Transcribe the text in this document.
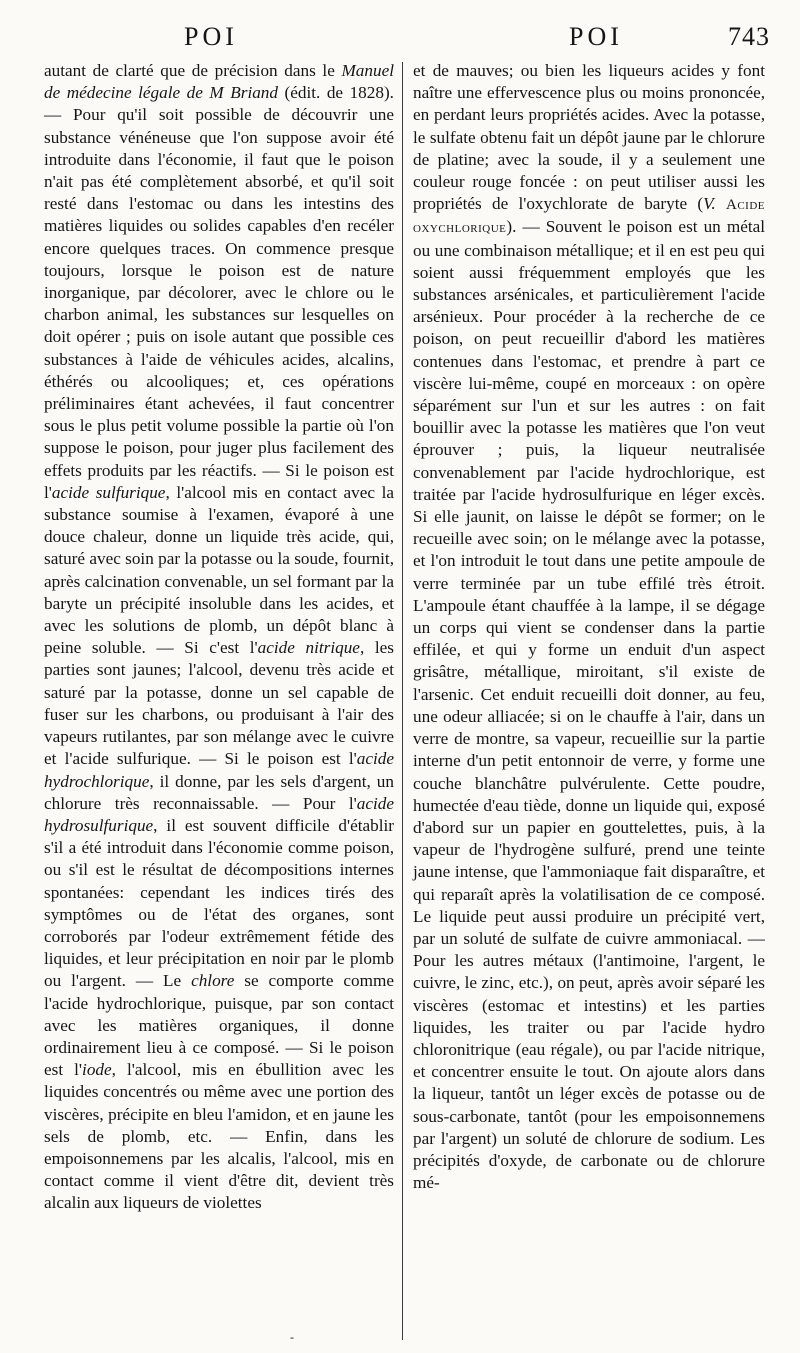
POI	POI	743

autant de clarté que de précision dans le Manuel de médecine légale de M Briand (édit. de 1828). — Pour qu'il soit possible de découvrir une substance vénéneuse que l'on suppose avoir été introduite dans l'économie, il faut que le poison n'ait pas été complètement absorbé, et qu'il soit resté dans l'estomac ou dans les intestins des matières liquides ou solides capables d'en recéler encore quelques traces. On commence presque toujours, lorsque le poison est de nature inorganique, par décolorer, avec le chlore ou le charbon animal, les substances sur lesquelles on doit opérer ; puis on isole autant que possible ces substances à l'aide de véhicules acides, alcalins, éthérés ou alcooliques; et, ces opérations préliminaires étant achevées, il faut concentrer sous le plus petit volume possible la partie où l'on suppose le poison, pour juger plus facilement des effets produits par les réactifs. — Si le poison est l'acide sulfurique, l'alcool mis en contact avec la substance soumise à l'examen, évaporé à une douce chaleur, donne un liquide très acide, qui, saturé avec soin par la potasse ou la soude, fournit, après calcination convenable, un sel formant par la baryte un précipité insoluble dans les acides, et avec les solutions de plomb, un dépôt blanc à peine soluble. — Si c'est l'acide nitrique, les parties sont jaunes; l'alcool, devenu très acide et saturé par la potasse, donne un sel capable de fuser sur les charbons, ou produisant à l'air des vapeurs rutilantes, par son mélange avec le cuivre et l'acide sulfurique. — Si le poison est l'acide hydrochlorique, il donne, par les sels d'argent, un chlorure très reconnaissable. — Pour l'acide hydrosulfurique, il est souvent difficile d'établir s'il a été introduit dans l'économie comme poison, ou s'il est le résultat de décompositions internes spontanées: cependant les indices tirés des symptômes ou de l'état des organes, sont corroborés par l'odeur extrêmement fétide des liquides, et leur précipitation en noir par le plomb ou l'argent. — Le chlore se comporte comme l'acide hydrochlorique, puisque, par son contact avec les matières organiques, il donne ordinairement lieu à ce composé. — Si le poison est l'iode, l'alcool, mis en ébullition avec les liquides concentrés ou même avec une portion des viscères, précipite en bleu l'amidon, et en jaune les sels de plomb, etc. — Enfin, dans les empoisonnemens par les alcalis, l'alcool, mis en contact comme il vient d'être dit, devient très alcalin aux liqueurs de violettes

et de mauves; ou bien les liqueurs acides y font naître une effervescence plus ou moins prononcée, en perdant leurs propriétés acides. Avec la potasse, le sulfate obtenu fait un dépôt jaune par le chlorure de platine; avec la soude, il y a seulement une couleur rouge foncée : on peut utiliser aussi les propriétés de l'oxychlorate de baryte (V. Acide oxychlorique). — Souvent le poison est un métal ou une combinaison métallique; et il en est peu qui soient aussi fréquemment employés que les substances arsénicales, et particulièrement l'acide arsénieux. Pour procéder à la recherche de ce poison, on peut recueillir d'abord les matières contenues dans l'estomac, et prendre à part ce viscère lui-même, coupé en morceaux : on opère séparément sur l'un et sur les autres : on fait bouillir avec la potasse les matières que l'on veut éprouver ; puis, la liqueur neutralisée convenablement par l'acide hydrochlorique, est traitée par l'acide hydrosulfurique en léger excès. Si elle jaunit, on laisse le dépôt se former; on le recueille avec soin; on le mélange avec la potasse, et l'on introduit le tout dans une petite ampoule de verre terminée par un tube effilé très étroit. L'ampoule étant chauffée à la lampe, il se dégage un corps qui vient se condenser dans la partie effilée, et qui y forme un enduit d'un aspect grisâtre, métallique, miroitant, s'il existe de l'arsenic. Cet enduit recueilli doit donner, au feu, une odeur alliacée; si on le chauffe à l'air, dans un verre de montre, sa vapeur, recueillie sur la partie interne d'un petit entonnoir de verre, y forme une couche blanchâtre pulvérulente. Cette poudre, humectée d'eau tiède, donne un liquide qui, exposé d'abord sur un papier en gouttelettes, puis, à la vapeur de l'hydrogène sulfuré, prend une teinte jaune intense, que l'ammoniaque fait disparaître, et qui reparaît après la volatilisation de ce composé. Le liquide peut aussi produire un précipité vert, par un soluté de sulfate de cuivre ammoniacal. — Pour les autres métaux (l'antimoine, l'argent, le cuivre, le zinc, etc.), on peut, après avoir séparé les viscères (estomac et intestins) et les parties liquides, les traiter ou par l'acide hydro chloronitrique (eau régale), ou par l'acide nitrique, et concentrer ensuite le tout. On ajoute alors dans la liqueur, tantôt un léger excès de potasse ou de sous-carbonate, tantôt (pour les empoisonnemens par l'argent) un soluté de chlorure de sodium. Les précipités d'oxyde, de carbonate ou de chlorure mé-

-
